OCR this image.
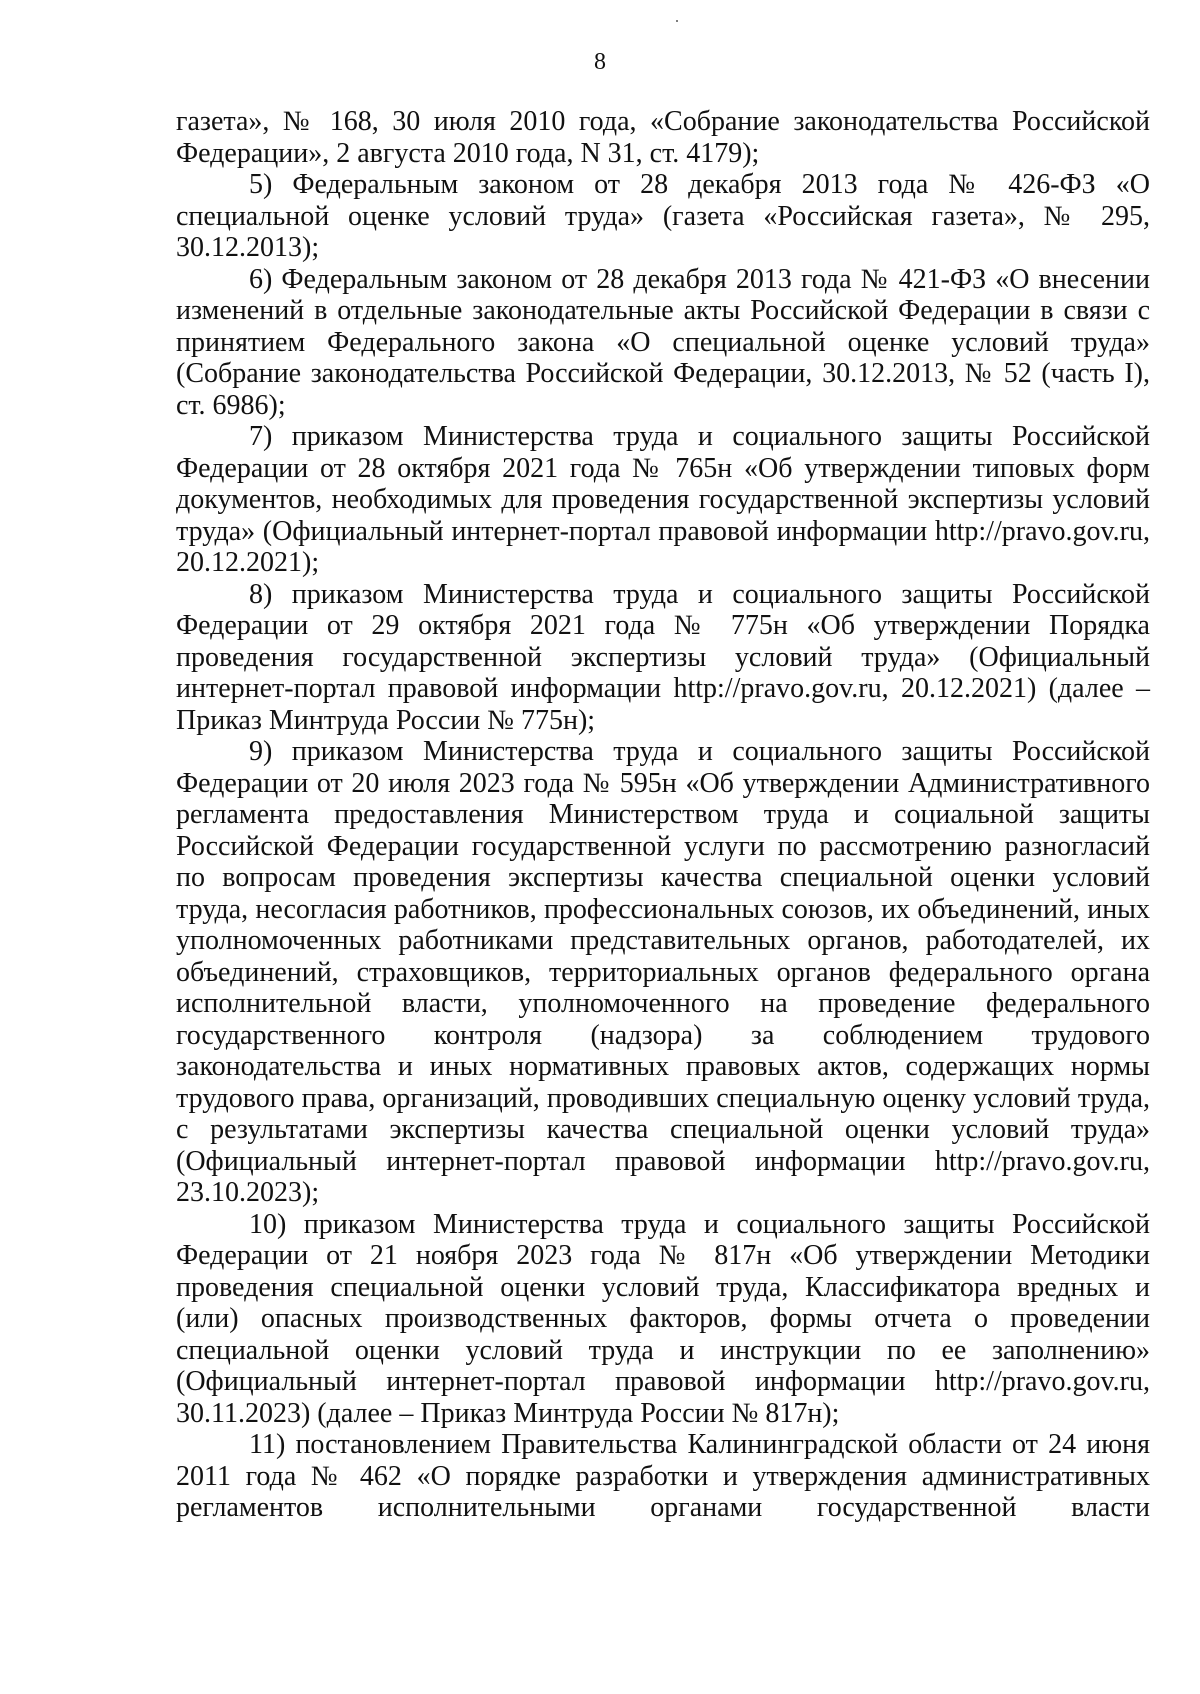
8

газета», № 168, 30 июля 2010 года, «Собрание законодательства Российской Федерации», 2 августа 2010 года, N 31, ст. 4179);

5) Федеральным законом от 28 декабря 2013 года № 426-ФЗ «О специальной оценке условий труда» (газета «Российская газета», № 295, 30.12.2013);

6) Федеральным законом от 28 декабря 2013 года № 421-ФЗ «О внесении изменений в отдельные законодательные акты Российской Федерации в связи с принятием Федерального закона «О специальной оценке условий труда» (Собрание законодательства Российской Федерации, 30.12.2013, № 52 (часть I), ст. 6986);

7) приказом Министерства труда и социального защиты Российской Федерации от 28 октября 2021 года № 765н «Об утверждении типовых форм документов, необходимых для проведения государственной экспертизы условий труда» (Официальный интернет-портал правовой информации http://pravo.gov.ru, 20.12.2021);

8) приказом Министерства труда и социального защиты Российской Федерации от 29 октября 2021 года № 775н «Об утверждении Порядка проведения государственной экспертизы условий труда» (Официальный интернет-портал правовой информации http://pravo.gov.ru, 20.12.2021) (далее – Приказ Минтруда России № 775н);

9) приказом Министерства труда и социального защиты Российской Федерации от 20 июля 2023 года № 595н «Об утверждении Административного регламента предоставления Министерством труда и социальной защиты Российской Федерации государственной услуги по рассмотрению разногласий по вопросам проведения экспертизы качества специальной оценки условий труда, несогласия работников, профессиональных союзов, их объединений, иных уполномоченных работниками представительных органов, работодателей, их объединений, страховщиков, территориальных органов федерального органа исполнительной власти, уполномоченного на проведение федерального государственного контроля (надзора) за соблюдением трудового законодательства и иных нормативных правовых актов, содержащих нормы трудового права, организаций, проводивших специальную оценку условий труда, с результатами экспертизы качества специальной оценки условий труда» (Официальный интернет-портал правовой информации http://pravo.gov.ru, 23.10.2023);

10) приказом Министерства труда и социального защиты Российской Федерации от 21 ноября 2023 года № 817н «Об утверждении Методики проведения специальной оценки условий труда, Классификатора вредных и (или) опасных производственных факторов, формы отчета о проведении специальной оценки условий труда и инструкции по ее заполнению» (Официальный интернет-портал правовой информации http://pravo.gov.ru, 30.11.2023) (далее – Приказ Минтруда России № 817н);

11) постановлением Правительства Калининградской области от 24 июня 2011 года № 462 «О порядке разработки и утверждения административных регламентов исполнительными органами государственной власти
